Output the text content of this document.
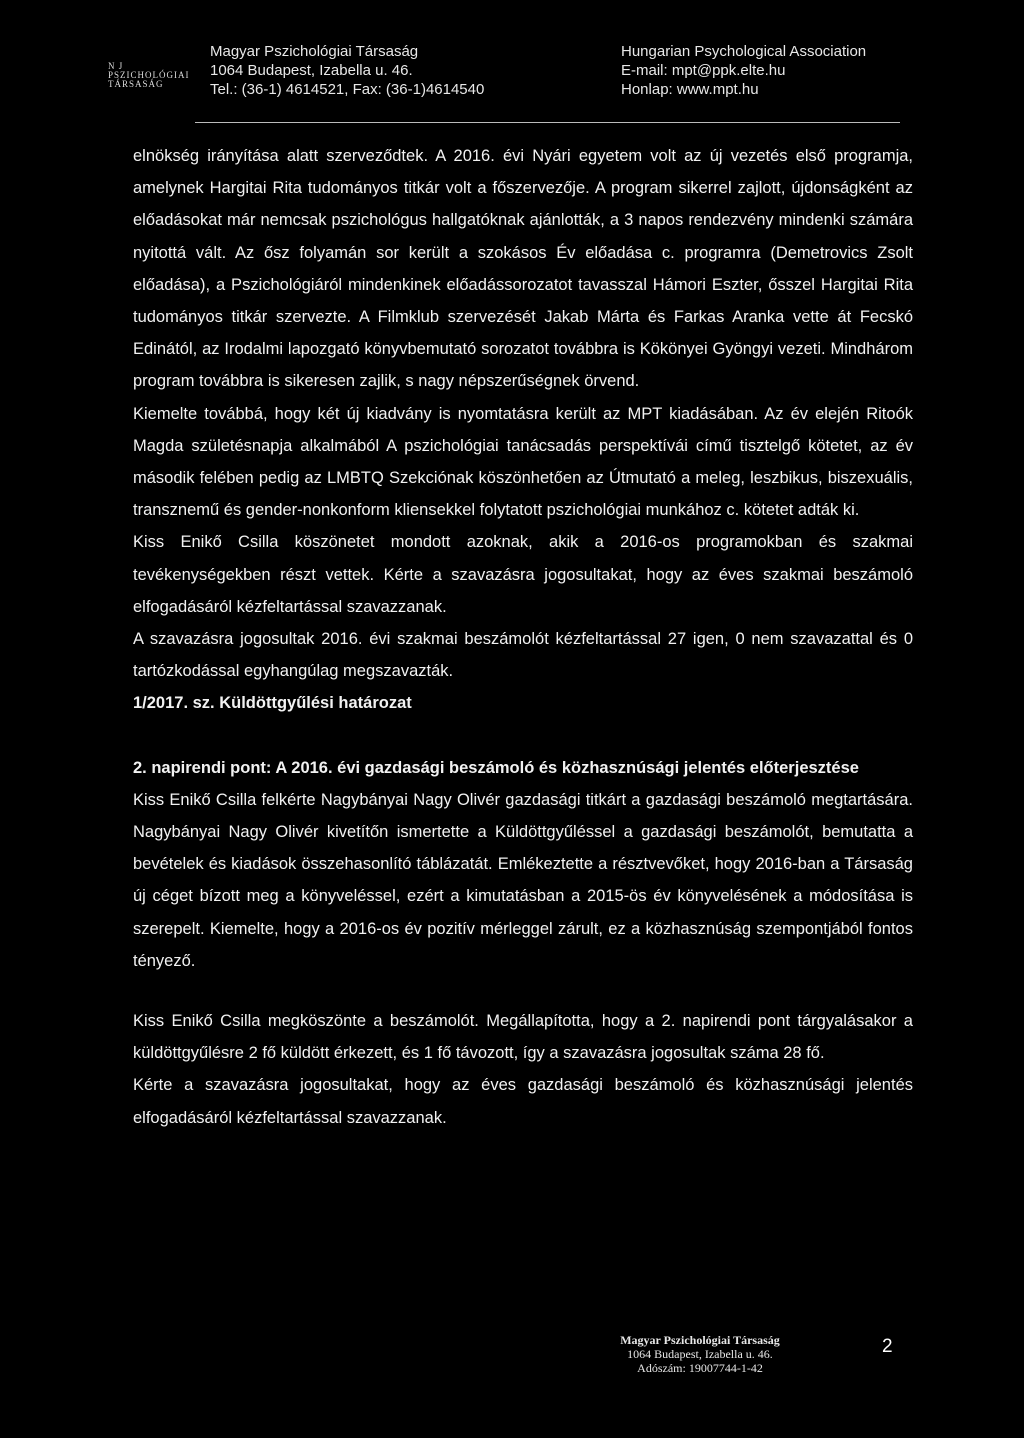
N J
PSZICHOLÓGIAI
TÁRSASÁG
Magyar Pszichológiai Társaság
1064 Budapest, Izabella u. 46.
Tel.: (36-1) 4614521, Fax: (36-1)4614540
Hungarian Psychological Association
E-mail: mpt@ppk.elte.hu
Honlap: www.mpt.hu

elnökség irányítása alatt szerveződtek. A 2016. évi Nyári egyetem volt az új vezetés első programja, amelynek Hargitai Rita tudományos titkár volt a főszervezője. A program sikerrel zajlott, újdonságként az előadásokat már nemcsak pszichológus hallgatóknak ajánlották, a 3 napos rendezvény mindenki számára nyitottá vált. Az ősz folyamán sor került a szokásos Év előadása c. programra (Demetrovics Zsolt előadása), a Pszichológiáról mindenkinek előadássorozatot tavasszal Hámori Eszter, ősszel Hargitai Rita tudományos titkár szervezte. A Filmklub szervezését Jakab Márta és Farkas Aranka vette át Fecskó Edinától, az Irodalmi lapozgató könyvbemutató sorozatot továbbra is Kökönyei Gyöngyi vezeti. Mindhárom program továbbra is sikeresen zajlik, s nagy népszerűségnek örvend.

Kiemelte továbbá, hogy két új kiadvány is nyomtatásra került az MPT kiadásában. Az év elején Ritoók Magda születésnapja alkalmából A pszichológiai tanácsadás perspektívái című tisztelgő kötetet, az év második felében pedig az LMBTQ Szekciónak köszönhetően az Útmutató a meleg, leszbikus, biszexuális, transznemű és gender-nonkonform kliensekkel folytatott pszichológiai munkához c. kötetet adták ki.

Kiss Enikő Csilla köszönetet mondott azoknak, akik a 2016-os programokban és szakmai tevékenységekben részt vettek. Kérte a szavazásra jogosultakat, hogy az éves szakmai beszámoló elfogadásáról kézfeltartással szavazzanak.

A szavazásra jogosultak 2016. évi szakmai beszámolót kézfeltartással 27 igen, 0 nem szavazattal és 0 tartózkodással egyhangúlag megszavazták.

1/2017. sz. Küldöttgyűlési határozat

2. napirendi pont: A 2016. évi gazdasági beszámoló és közhasznúsági jelentés előterjesztése

Kiss Enikő Csilla felkérte Nagybányai Nagy Olivér gazdasági titkárt a gazdasági beszámoló megtartására. Nagybányai Nagy Olivér kivetítőn ismertette a Küldöttgyűléssel a gazdasági beszámolót, bemutatta a bevételek és kiadások összehasonlító táblázatát. Emlékeztette a résztvevőket, hogy 2016-ban a Társaság új céget bízott meg a könyveléssel, ezért a kimutatásban a 2015-ös év könyvelésének a módosítása is szerepelt. Kiemelte, hogy a 2016-os év pozitív mérleggel zárult, ez a közhasznúság szempontjából fontos tényező.

Kiss Enikő Csilla megköszönte a beszámolót. Megállapította, hogy a 2. napirendi pont tárgyalásakor a küldöttgyűlésre 2 fő küldött érkezett, és 1 fő távozott, így a szavazásra jogosultak száma 28 fő.

Kérte a szavazásra jogosultakat, hogy az éves gazdasági beszámoló és közhasznúsági jelentés elfogadásáról kézfeltartással szavazzanak.

Magyar Pszichológiai Társaság
1064 Budapest, Izabella u. 46.
Adószám: 19007744-1-42
2
